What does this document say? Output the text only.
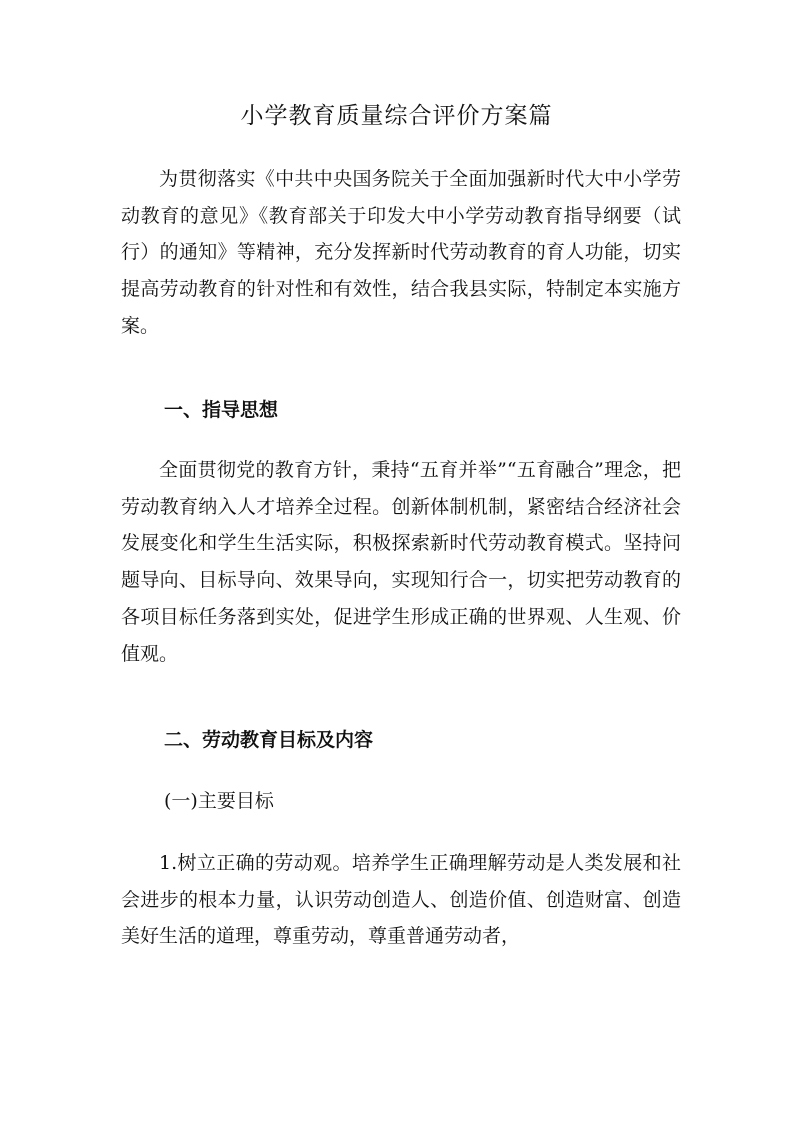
小学教育质量综合评价方案篇
为贯彻落实《中共中央国务院关于全面加强新时代大中小学劳动教育的意见》《教育部关于印发大中小学劳动教育指导纲要（试行）的通知》等精神，充分发挥新时代劳动教育的育人功能，切实提高劳动教育的针对性和有效性，结合我县实际，特制定本实施方案。
一、指导思想
全面贯彻党的教育方针，秉持“五育并举”“五育融合”理念，把劳动教育纳入人才培养全过程。创新体制机制，紧密结合经济社会发展变化和学生生活实际，积极探索新时代劳动教育模式。坚持问题导向、目标导向、效果导向，实现知行合一，切实把劳动教育的各项目标任务落到实处，促进学生形成正确的世界观、人生观、价值观。
二、劳动教育目标及内容
(一)主要目标
1.树立正确的劳动观。培养学生正确理解劳动是人类发展和社会进步的根本力量，认识劳动创造人、创造价值、创造财富、创造美好生活的道理，尊重劳动，尊重普通劳动者，
